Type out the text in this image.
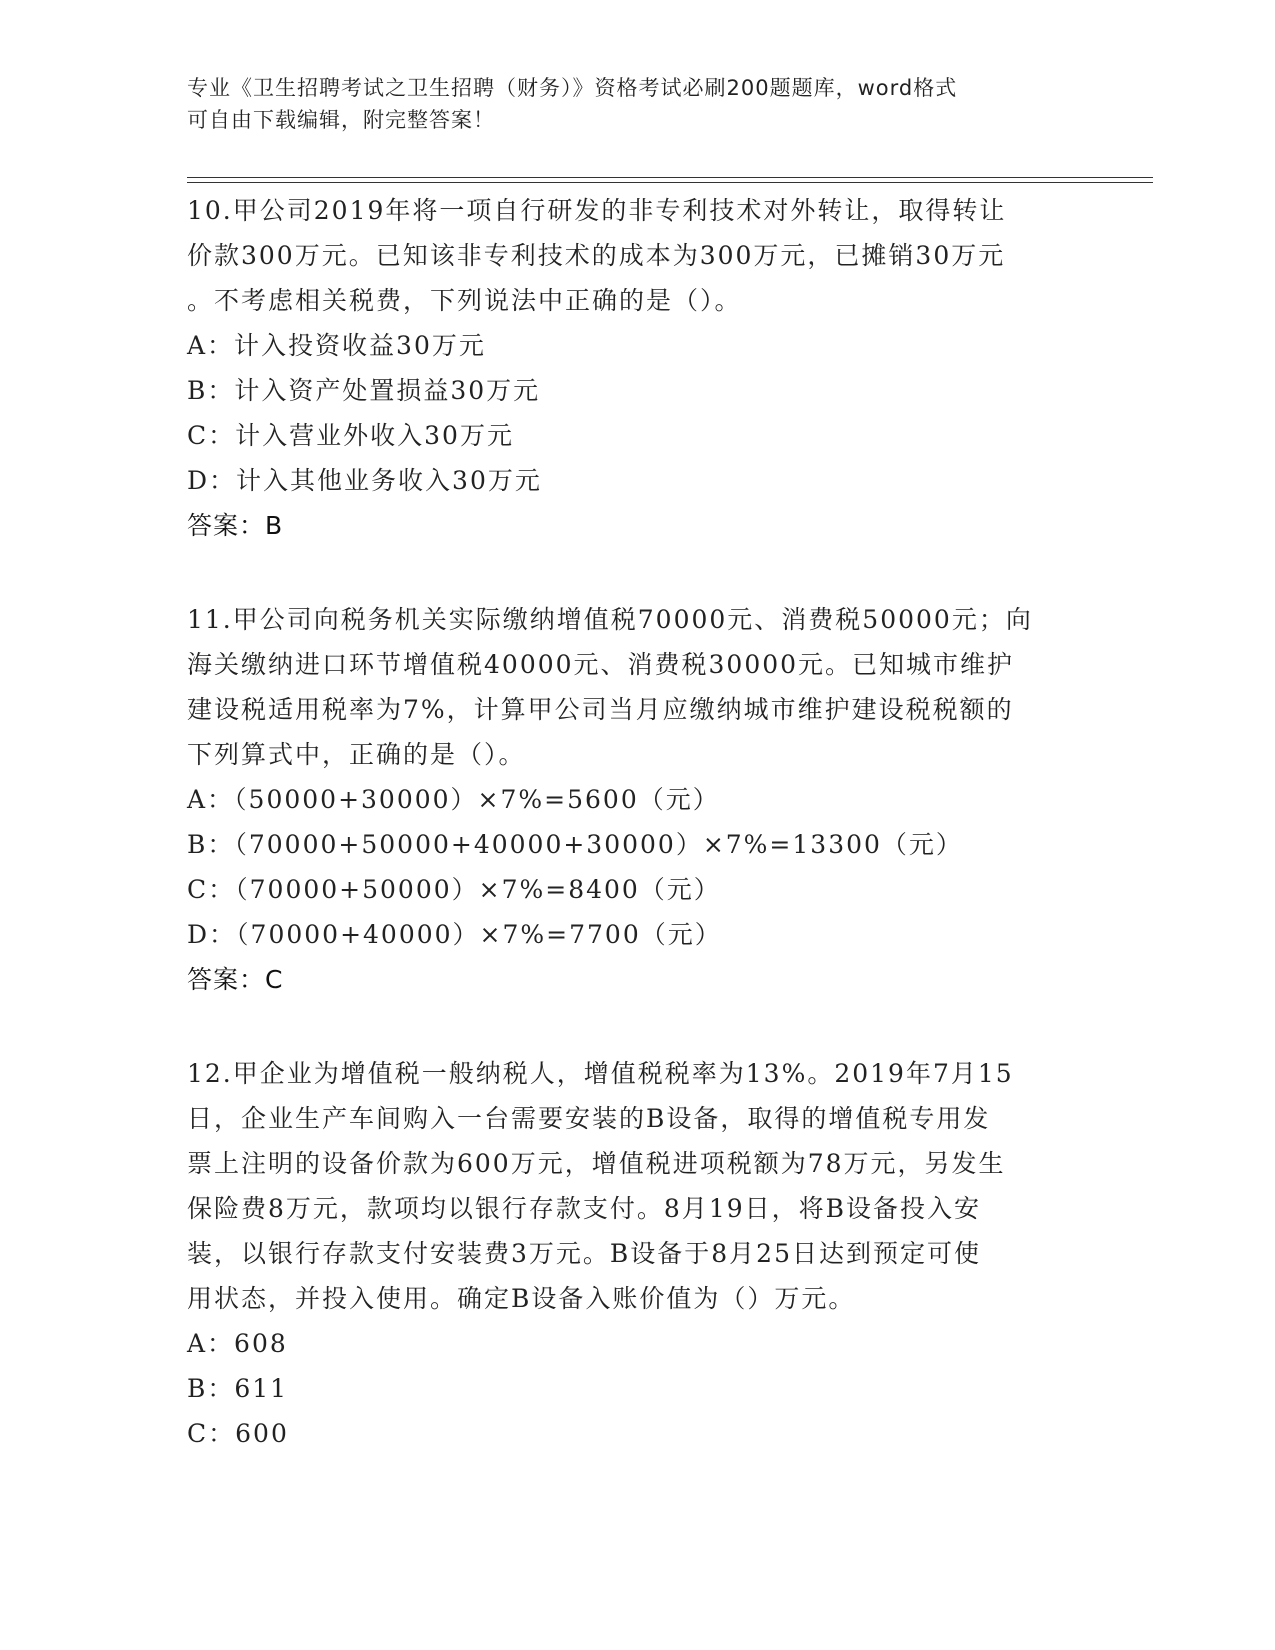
专业《卫生招聘考试之卫生招聘（财务）》资格考试必刷200题题库，word格式
可自由下载编辑，附完整答案！
10.甲公司2019年将一项自行研发的非专利技术对外转让，取得转让
价款300万元。已知该非专利技术的成本为300万元，已摊销30万元
。不考虑相关税费，下列说法中正确的是（）。
A：计入投资收益30万元
B：计入资产处置损益30万元
C：计入营业外收入30万元
D：计入其他业务收入30万元
答案：B
11.甲公司向税务机关实际缴纳增值税70000元、消费税50000元；向
海关缴纳进口环节增值税40000元、消费税30000元。已知城市维护
建设税适用税率为7%，计算甲公司当月应缴纳城市维护建设税税额的
下列算式中，正确的是（）。
A：（50000+30000）×7%=5600（元）
B：（70000+50000+40000+30000）×7%=13300（元）
C：（70000+50000）×7%=8400（元）
D：（70000+40000）×7%=7700（元）
答案：C
12.甲企业为增值税一般纳税人，增值税税率为13%。2019年7月15
日，企业生产车间购入一台需要安装的B设备，取得的增值税专用发
票上注明的设备价款为600万元，增值税进项税额为78万元，另发生
保险费8万元，款项均以银行存款支付。8月19日，将B设备投入安
装，以银行存款支付安装费3万元。B设备于8月25日达到预定可使
用状态，并投入使用。确定B设备入账价值为（）万元。
A：608
B：611
C：600
